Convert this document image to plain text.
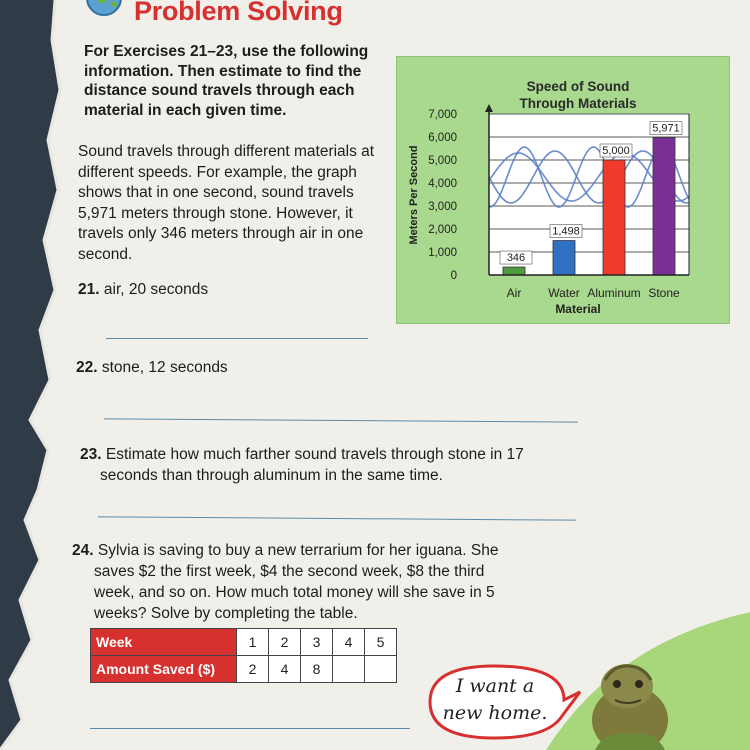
Problem Solving
For Exercises 21–23, use the following information. Then estimate to find the distance sound travels through each material in each given time.
Sound travels through different materials at different speeds. For example, the graph shows that in one second, sound travels 5,971 meters through stone. However, it travels only 346 meters through air in one second.
Speed of Sound
Through Materials
0
1,000
2,000
3,000
4,000
5,000
6,000
7,000
346
Air
1,498
Water
5,000
Aluminum
5,971
Stone
Material
Meters Per Second
21. air, 20 seconds
22. stone, 12 seconds
23. Estimate how much farther sound travels through stone in 17 seconds than through aluminum in the same time.
24. Sylvia is saving to buy a new terrarium for her iguana. She saves $2 the first week, $4 the second week, $8 the third week, and so on. How much total money will she save in 5 weeks? Solve by completing the table.
Week	1	2	3	4	5
Amount Saved ($)	2	4	8		
I want a
new home.
